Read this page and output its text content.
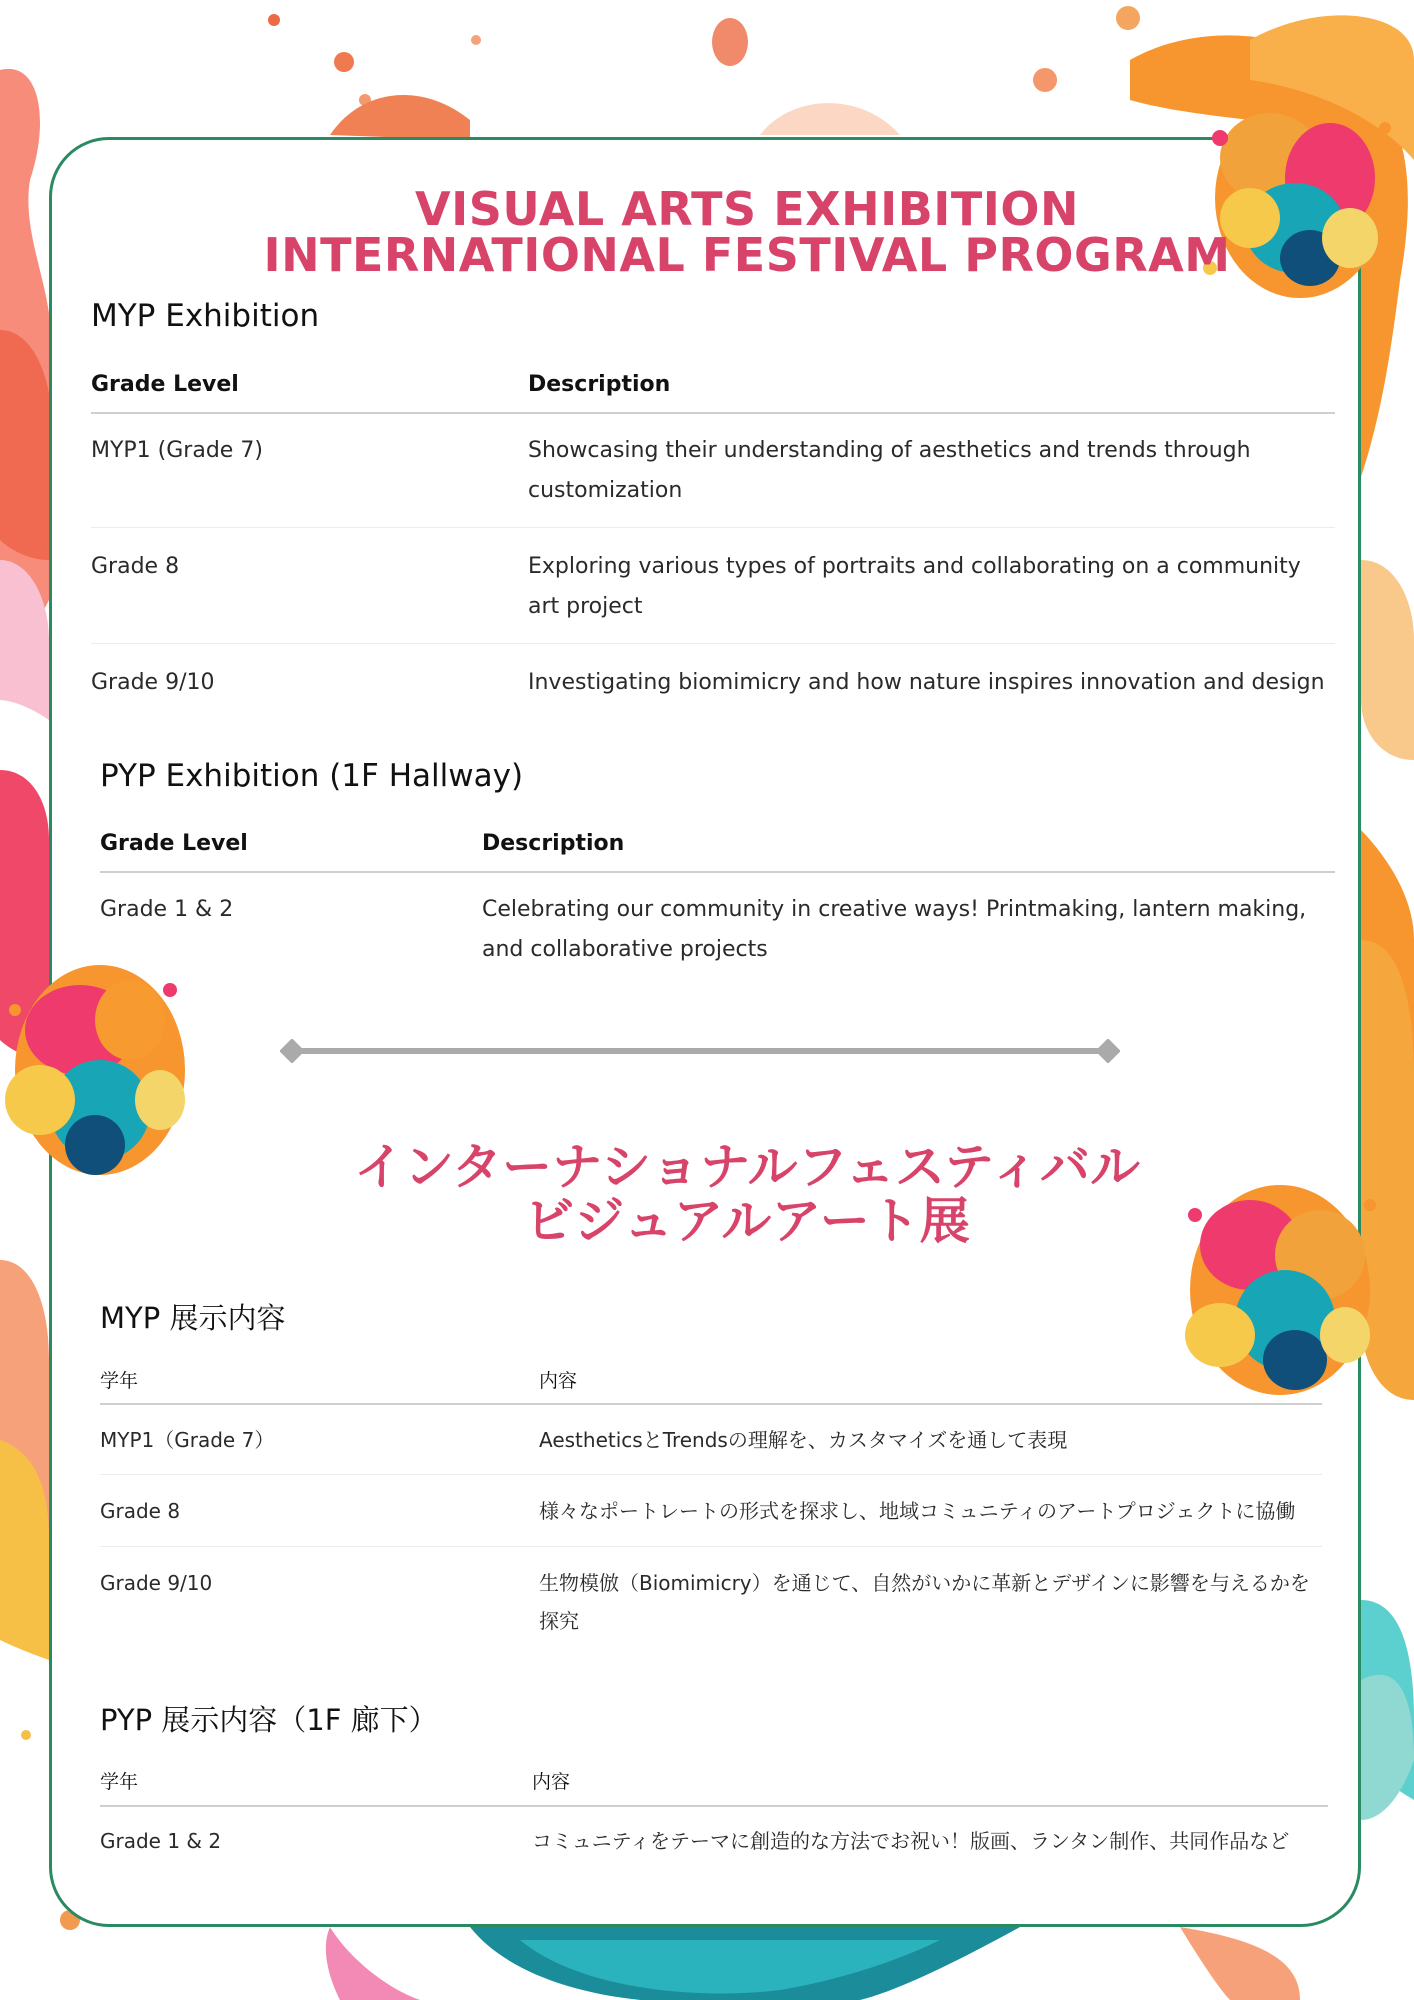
VISUAL ARTS EXHIBITION
INTERNATIONAL FESTIVAL PROGRAM
MYP Exhibition
Grade Level	Description
MYP1 (Grade 7)	Showcasing their understanding of aesthetics and trends through customization
Grade 8	Exploring various types of portraits and collaborating on a community art project
Grade 9/10	Investigating biomimicry and how nature inspires innovation and design
PYP Exhibition (1F Hallway)
Grade Level	Description
Grade 1 & 2	Celebrating our community in creative ways! Printmaking, lantern making, and collaborative projects
インターナショナルフェスティバル
ビジュアルアート展
MYP 展示内容
学年	内容
MYP1（Grade 7）	AestheticsとTrendsの理解を、カスタマイズを通して表現
Grade 8	様々なポートレートの形式を探求し、地域コミュニティのアートプロジェクトに協働
Grade 9/10	生物模倣（Biomimicry）を通じて、自然がいかに革新とデザインに影響を与えるかを探究
PYP 展示内容（1F 廊下）
学年	内容
Grade 1 & 2	コミュニティをテーマに創造的な方法でお祝い！版画、ランタン制作、共同作品など
